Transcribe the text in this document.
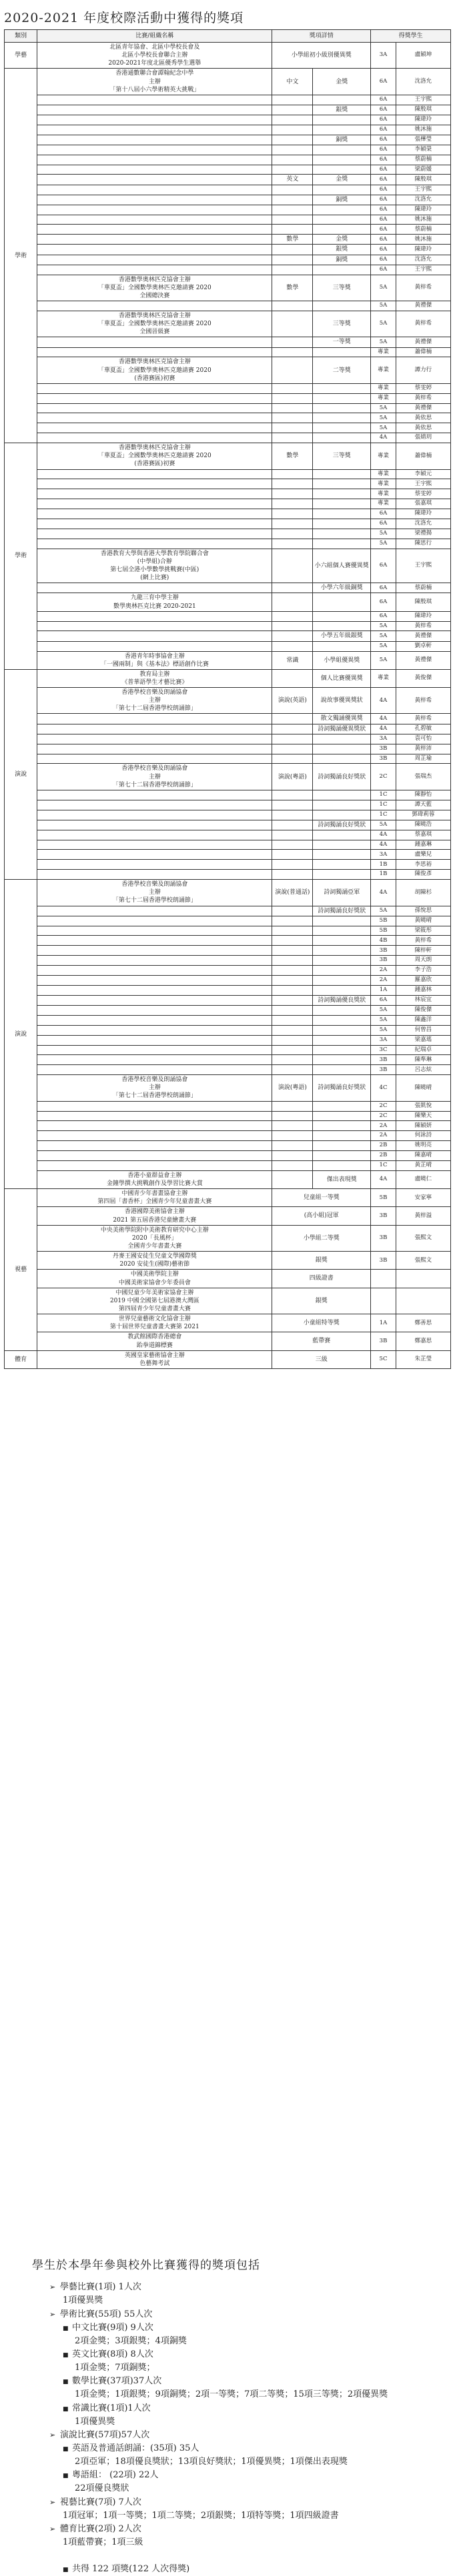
2020-2021 年度校際活動中獲得的獎項
類別	比賽/組織名稱	獎項詳情		得獎學生	
學藝	北區青年協會、北區中學校長會及
北區小學校長會聯合主辦
2020-2021年度北區優秀學生選舉	小學組初小級別優異獎		3A	盧穎坤
學術	香港通數聯合會譚翰紀念中學
主辦
「第十八屆小六學術精英大挑戰」	中文	金獎	6A	沈洛允
				6A	王宇熙
			銀獎	6A	陳殷琪
				6A	陳瑋玲
				6A	姚沐施
			銅獎	6A	張樺瑩
				6A	李穎榮
				6A	蔡蔚楠
				6A	梁蔚媛
		英文	金獎	6A	陳殷琪
				6A	王宇熙
			銅獎	6A	沈洛允
				6A	陳瑋玲
				6A	姚沐施
				6A	蔡蔚楠
		數學	金獎	6A	姚沐施
			銀獎	6A	陳瑋玲
			銅獎	6A	沈洛允
				6A	王宇熙
	香港數學奧林匹克協會主辦
「華夏盃」全國數學奧林匹克邀請賽 2020
全國總決賽	數學	三等獎	5A	黃梓希
				5A	黃禮傑
	香港數學奧林匹克協會主辦
「華夏盃」全國數學奧林匹克邀請賽 2020
全國晉級賽		三等獎	5A	黃梓希
			一等獎	5A	黃禮傑
				專業	蕭偉楠
	香港數學奧林匹克協會主辦
「華夏盃」全國數學奧林匹克邀請賽 2020
(香港賽區)初賽		二等獎	專業	譚力行
				專業	蔡雯婷
				專業	黃梓希
				5A	黃禮傑
				5A	黃依思
				5A	黃依思
				4A	張婧玥
學術	香港數學奧林匹克協會主辦
「華夏盃」全國數學奧林匹克邀請賽 2020
(香港賽區)初賽	數學	三等獎	專業	蕭偉楠
				專業	李穎元
				專業	王宇熙
				專業	蔡雯婷
				專業	張嘉琪
				6A	陳瑋玲
				6A	沈洛允
				5A	梁禮揚
				5A	陳思行
	香港教育大學與香港大學教育學院聯合會
(中學組)合辦
第七屆全港小學數學挑戰賽(中區)
(網上比賽)		小六組個人賽優異獎	6A	王宇熙
			小學六年級銅獎	6A	蔡蔚楠
	九龍三育中學主辦
數學奧林匹克比賽 2020-2021			6A	陳殷琪
				6A	陳瑋玲
				5A	黃梓希
			小學五年級銀獎	5A	黃禮傑
				5A	劉卓軒
	香港青年時事協會主辦
「一國兩制」與《基本法》標語創作比賽	常識	小學組優異獎	5A	黃禮傑
演說	教育局主辦
《普華語學生才藝比賽》		個人比賽優異獎	專業	黃俊傑
	香港學校音樂及朗誦協會
主辦
「第七十二屆香港學校朗誦節」	演說(英語)	說故事優異獎狀	4A	黃梓希
			散文獨誦優異獎	4A	黃梓希
			詩詞獨誦優異獎狀	4A	孔碧敏
				3A	袁可怡
				3B	黃梓沛
				3B	周芷瑜
	香港學校音樂及朗誦協會
主辦
「第七十二屆香港學校朗誦節」	演說(粵語)	詩詞獨誦良好獎狀	2C	張瑞杰
				1C	陳靜怡
				1C	譚天藍
				1C	鄧瑋莉蓉
			詩詞獨誦良好獎狀	5A	陳曉浩
				4A	蔡嘉琪
				4A	鍾嘉琳
				3A	盧樂兒
				1B	李思裕
				1B	陳俊彥
演說	香港學校音樂及朗誦協會
主辦
「第七十二屆香港學校朗誦節」	演說(普通話)	詩詞獨誦亞軍	4A	胡陳杉
			詩詞獨誦良好獎狀	5A	孫悅思
				5B	黃曉晴
				5B	梁筱彤
				4B	黃梓希
				3B	陳梓軒
				3B	周天朗
				2A	李子浩
				2A	羅嘉欣
				1A	鍾嘉林
			詩詞獨誦優良獎狀	6A	林宸宜
				5A	陳俊傑
				5A	陳鑫洋
				5A	何曾昌
				3A	梁嘉瑤
				3C	紀瑞卓
				3B	陳準琳
				3B	呂志炫
	香港學校音樂及朗誦協會
主辦
「第七十二屆香港學校朗誦節」	演說(粵語)	詩詞獨誦良好獎狀	4C	陳曉晴
				2C	張凱悅
				2C	陳樂天
				2A	陳穎妍
				2A	何詠詩
				2B	姚明亮
				2B	陳嘉晴
				1C	黃芷晴
	香港小童群益會主辦
金鐘學撰大挑戰創作及學習比賽大賞		傑出表現獎	4A	盧曉仁
視藝	中國青少年書畫協會主辦
第四屆「書香杯」全國青少年兒童書畫大賽	兒童組一等獎		5B	安家寧
	香港國際美術協會主辦
2021 第五屆香港兒童繪畫大賽	(高小組)冠軍		3B	黃梓溢
	中央美術學院附中美術教育研究中心主辦
2020「長風杯」
全國青少年書畫大賽	小學組二等獎		3B	張熙文
	丹麥王國安徒生兒童文學國際獎
2020 安徒生(國際)藝術節	銀獎		3B	張熙文
	中國美術學院主辦
中國美術家協會少年委員會	四級證書			
	中國兒童少年美術家協會主辦
2019 中國全國第七屆港澳大灣區
第四屆青少年兒童書畫大賽	銀獎			
	世界兒童藝術文化協會主辦
第十屆世界兒童書畫大賽第 2021	小童組特等獎		1A	鄭善思
	教武館國際香港總會
跆拳道錦標賽	藍帶賽		3B	鄭嘉思
體育	英國皇家藝術協會主辦
色藝舞考試	三級		5C	朱芷瑩
學生於本學年參與校外比賽獲得的獎項包括
➢ 學藝比賽(1項) 1人次
1項優異獎
➢ 學術比賽(55項) 55人次
■ 中文比賽(9項) 9人次
2項金獎；3項銀獎；4項銅獎
■ 英文比賽(8項) 8人次
1項金獎；7項銅獎；
■ 數學比賽(37項)37人次
1項金獎；1項銀獎；9項銅獎；2項一等獎；7項二等獎；15項三等獎；2項優異獎
■ 常識比賽(1項)1人次
1項優異獎
➢ 演說比賽(57項)57人次
■ 英語及普通話朗誦：(35項) 35人
2項亞軍；18項優良獎狀；13項良好獎狀；1項優異獎；1項傑出表現獎
■ 粵語組： (22項) 22人
22項優良獎狀
➢ 視藝比賽(7項) 7人次
1項冠軍；1項一等獎；1項二等獎；2項銀獎；1項特等獎；1項四級證書
➢ 體育比賽(2項) 2人次
1項藍帶賽；1項三級

■ 共得 122 項獎(122 人次得獎)
